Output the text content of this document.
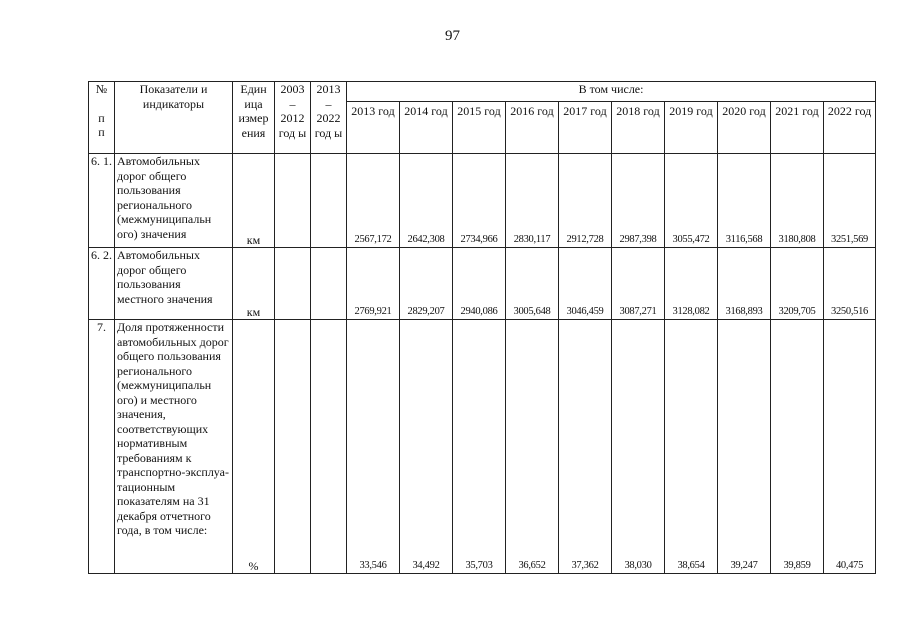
97
№
п
п	Показатели и индикаторы	Един ица измер ения	2003 – 2012 год ы	2013 – 2022 год ы	В том числе:									
					2013 год	2014 год	2015 год	2016 год	2017 год	2018 год	2019 год	2020 год	2021 год	2022 год
6. 1.	Автомобильных дорог общего пользования регионального (межмуниципальн ого) значения	км			2567,172	2642,308	2734,966	2830,117	2912,728	2987,398	3055,472	3116,568	3180,808	3251,569
6. 2.	Автомобильных дорог общего пользования местного значения	км			2769,921	2829,207	2940,086	3005,648	3046,459	3087,271	3128,082	3168,893	3209,705	3250,516
7.	Доля протяженности автомобильных дорог общего пользования регионального (межмуниципальн ого) и местного значения, соответствующих нормативным требованиям к транспортно-эксплуа-тационным показателям на 31 декабря отчетного года, в том числе:	%			33,546	34,492	35,703	36,652	37,362	38,030	38,654	39,247	39,859	40,475
